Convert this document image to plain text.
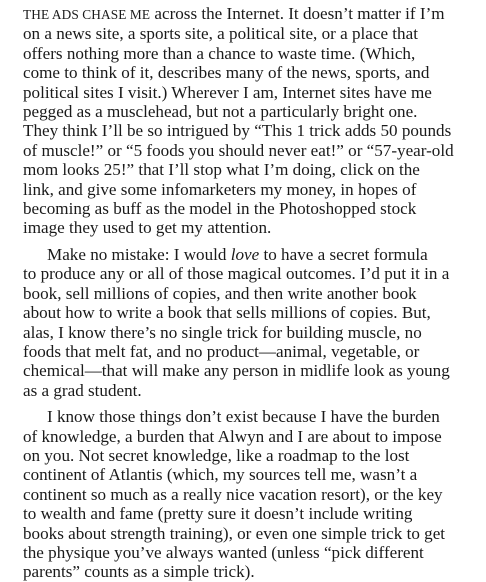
THE ADS CHASE ME across the Internet. It doesn’t matter if I’m
on a news site, a sports site, a political site, or a place that
offers nothing more than a chance to waste time. (Which,
come to think of it, describes many of the news, sports, and
political sites I visit.) Wherever I am, Internet sites have me
pegged as a musclehead, but not a particularly bright one.
They think I’ll be so intrigued by “This 1 trick adds 50 pounds
of muscle!” or “5 foods you should never eat!” or “57-year-old
mom looks 25!” that I’ll stop what I’m doing, click on the
link, and give some infomarketers my money, in hopes of
becoming as buff as the model in the Photoshopped stock
image they used to get my attention.

Make no mistake: I would love to have a secret formula
to produce any or all of those magical outcomes. I’d put it in a
book, sell millions of copies, and then write another book
about how to write a book that sells millions of copies. But,
alas, I know there’s no single trick for building muscle, no
foods that melt fat, and no product—animal, vegetable, or
chemical—that will make any person in midlife look as young
as a grad student.

I know those things don’t exist because I have the burden
of knowledge, a burden that Alwyn and I are about to impose
on you. Not secret knowledge, like a roadmap to the lost
continent of Atlantis (which, my sources tell me, wasn’t a
continent so much as a really nice vacation resort), or the key
to wealth and fame (pretty sure it doesn’t include writing
books about strength training), or even one simple trick to get
the physique you’ve always wanted (unless “pick different
parents” counts as a simple trick).
